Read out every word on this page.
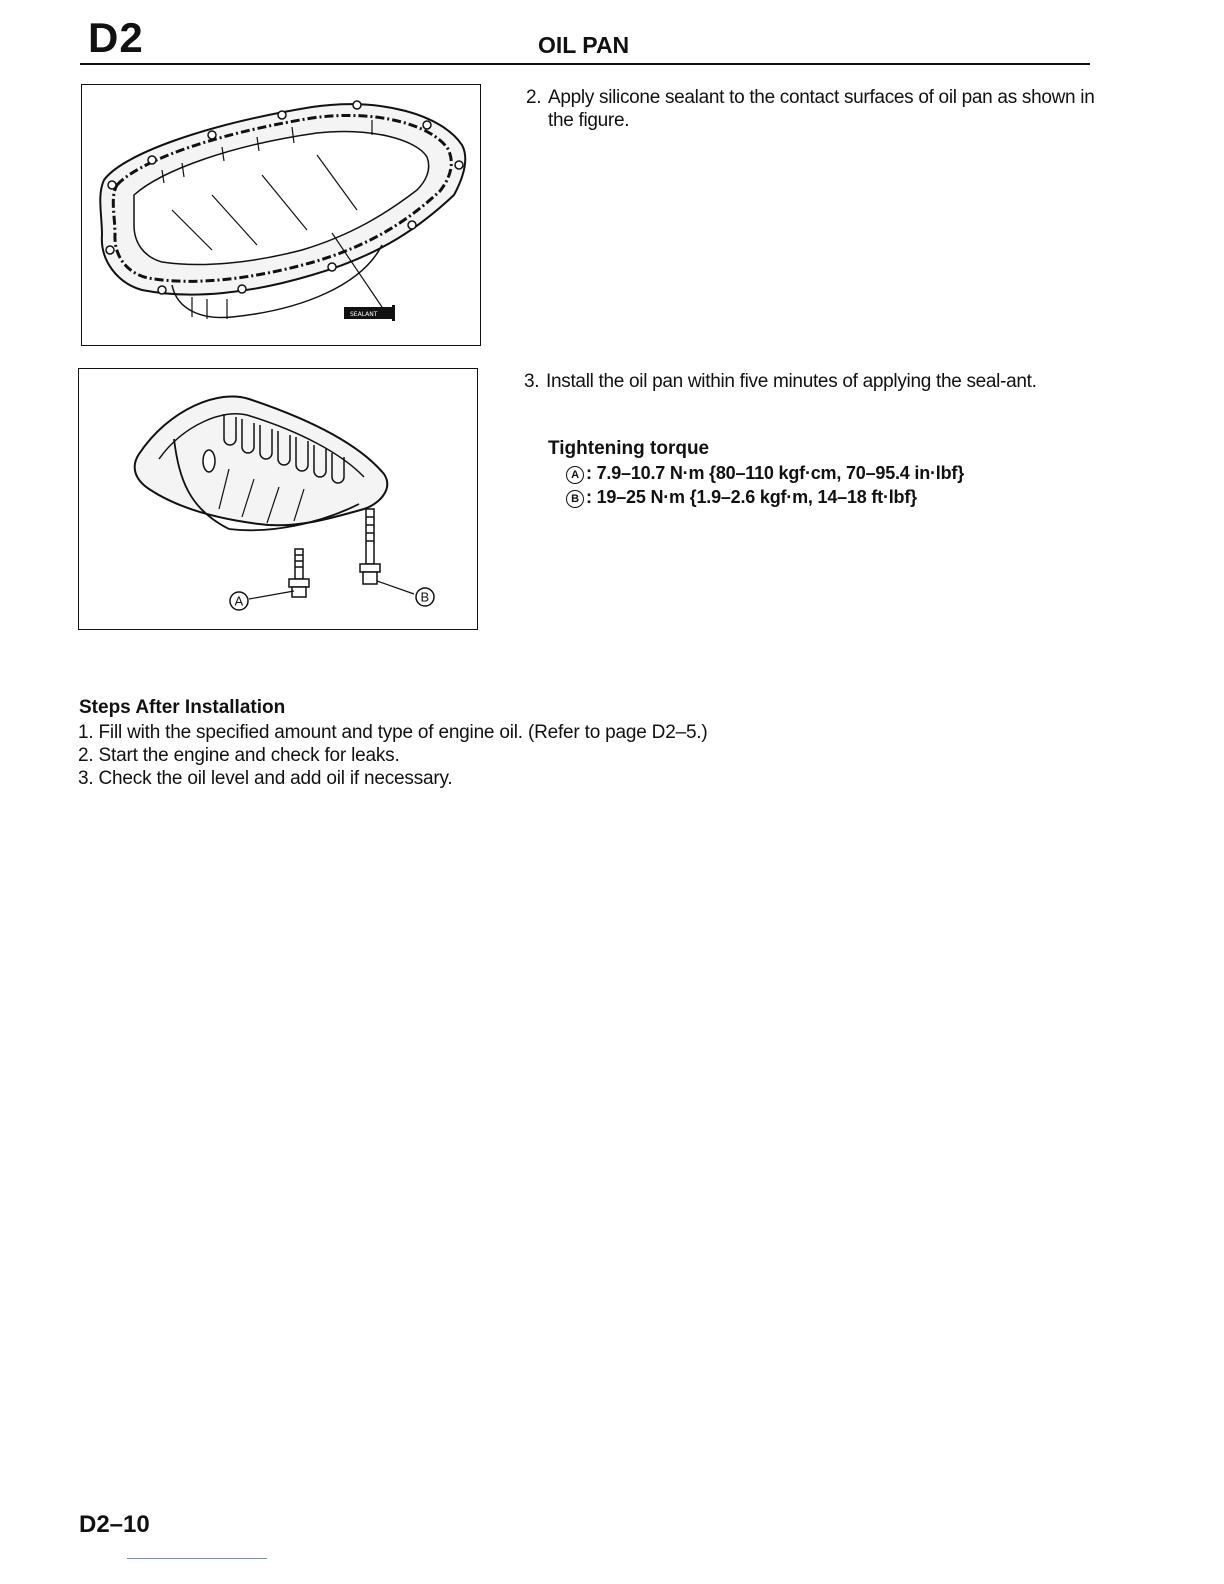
D2	OIL PAN
SEALANT
2. Apply silicone sealant to the contact surfaces of oil pan as shown in the figure.
A	B
3. Install the oil pan within five minutes of applying the seal-ant.
Tightening torque
A : 7.9–10.7 N·m {80–110 kgf·cm, 70–95.4 in·lbf}
B : 19–25 N·m {1.9–2.6 kgf·m, 14–18 ft·lbf}
Steps After Installation
1. Fill with the specified amount and type of engine oil. (Refer to page D2–5.)
2. Start the engine and check for leaks.
3. Check the oil level and add oil if necessary.
D2–10
